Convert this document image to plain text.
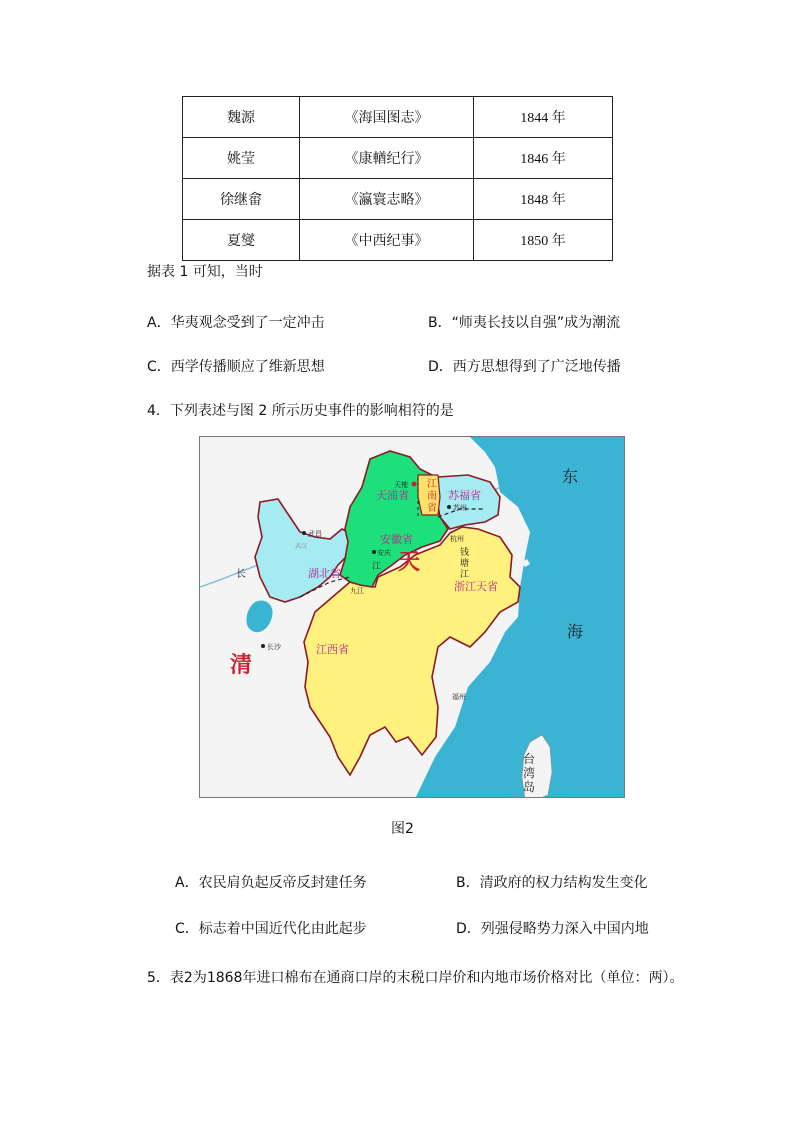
魏源	《海国图志》	1844 年
姚莹	《康輶纪行》	1846 年
徐继畲	《瀛寰志略》	1848 年
夏燮	《中西纪事》	1850 年
据表 1 可知，当时
A．华夷观念受到了一定冲击	B．“师夷长技以自强”成为潮流
C．西学传播顺应了维新思想	D．西方思想得到了广泛地传播
4．下列表述与图 2 所示历史事件的影响相符的是
清
天
天浦省
天榷 江
南
省
苏福省
苏州
安徽省
安庆
江
武汉
武昌
湖北省
九江
江西省
长沙
杭州
钱
塘
江
浙江天省
福州
长
东
海
台
湾
岛
图2
A．农民肩负起反帝反封建任务	B．清政府的权力结构发生变化
C．标志着中国近代化由此起步	D．列强侵略势力深入中国内地
5．表2为1868年进口棉布在通商口岸的末税口岸价和内地市场价格对比（单位：两）。
